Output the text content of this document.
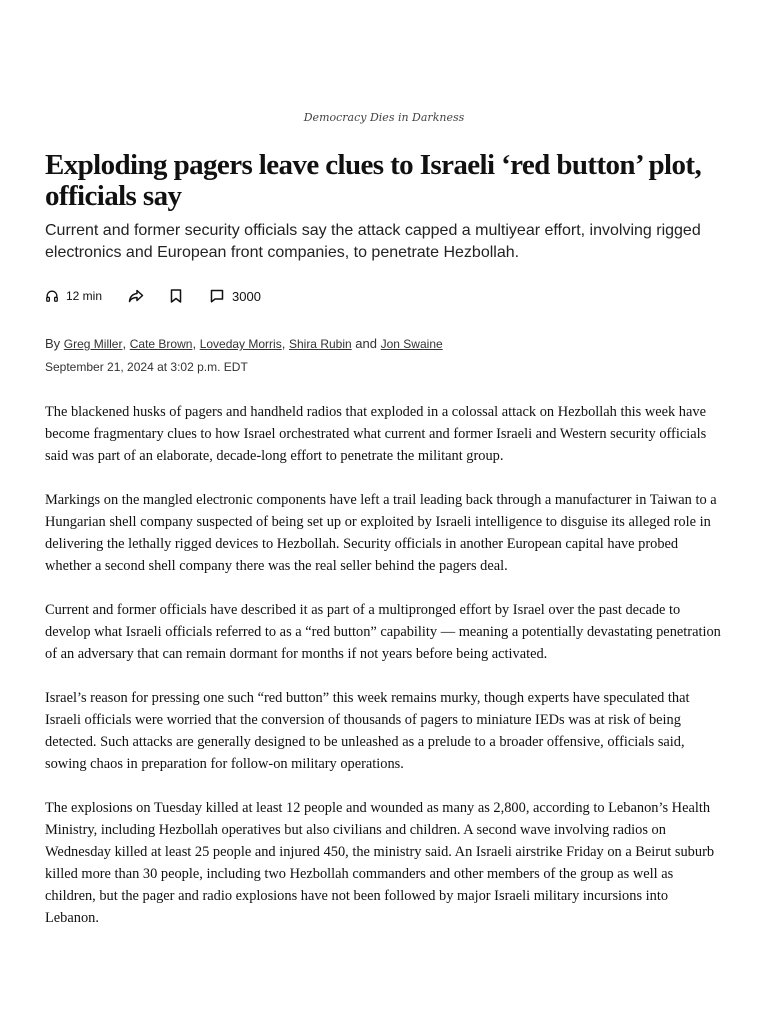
Democracy Dies in Darkness
Exploding pagers leave clues to Israeli ‘red button’ plot, officials say

Current and former security officials say the attack capped a multiyear effort, involving rigged electronics and European front companies, to penetrate Hezbollah.

12 min	3000
By Greg Miller, Cate Brown, Loveday Morris, Shira Rubin and Jon Swaine
September 21, 2024 at 3:02 p.m. EDT

The blackened husks of pagers and handheld radios that exploded in a colossal attack on Hezbollah this week have become fragmentary clues to how Israel orchestrated what current and former Israeli and Western security officials said was part of an elaborate, decade-long effort to penetrate the militant group.

Markings on the mangled electronic components have left a trail leading back through a manufacturer in Taiwan to a Hungarian shell company suspected of being set up or exploited by Israeli intelligence to disguise its alleged role in delivering the lethally rigged devices to Hezbollah. Security officials in another European capital have probed whether a second shell company there was the real seller behind the pagers deal.

Current and former officials have described it as part of a multipronged effort by Israel over the past decade to develop what Israeli officials referred to as a “red button” capability — meaning a potentially devastating penetration of an adversary that can remain dormant for months if not years before being activated.

Israel’s reason for pressing one such “red button” this week remains murky, though experts have speculated that Israeli officials were worried that the conversion of thousands of pagers to miniature IEDs was at risk of being detected. Such attacks are generally designed to be unleashed as a prelude to a broader offensive, officials said, sowing chaos in preparation for follow-on military operations.

The explosions on Tuesday killed at least 12 people and wounded as many as 2,800, according to Lebanon’s Health Ministry, including Hezbollah operatives but also civilians and children. A second wave involving radios on Wednesday killed at least 25 people and injured 450, the ministry said. An Israeli airstrike Friday on a Beirut suburb killed more than 30 people, including two Hezbollah commanders and other members of the group as well as children, but the pager and radio explosions have not been followed by major Israeli military incursions into Lebanon.
